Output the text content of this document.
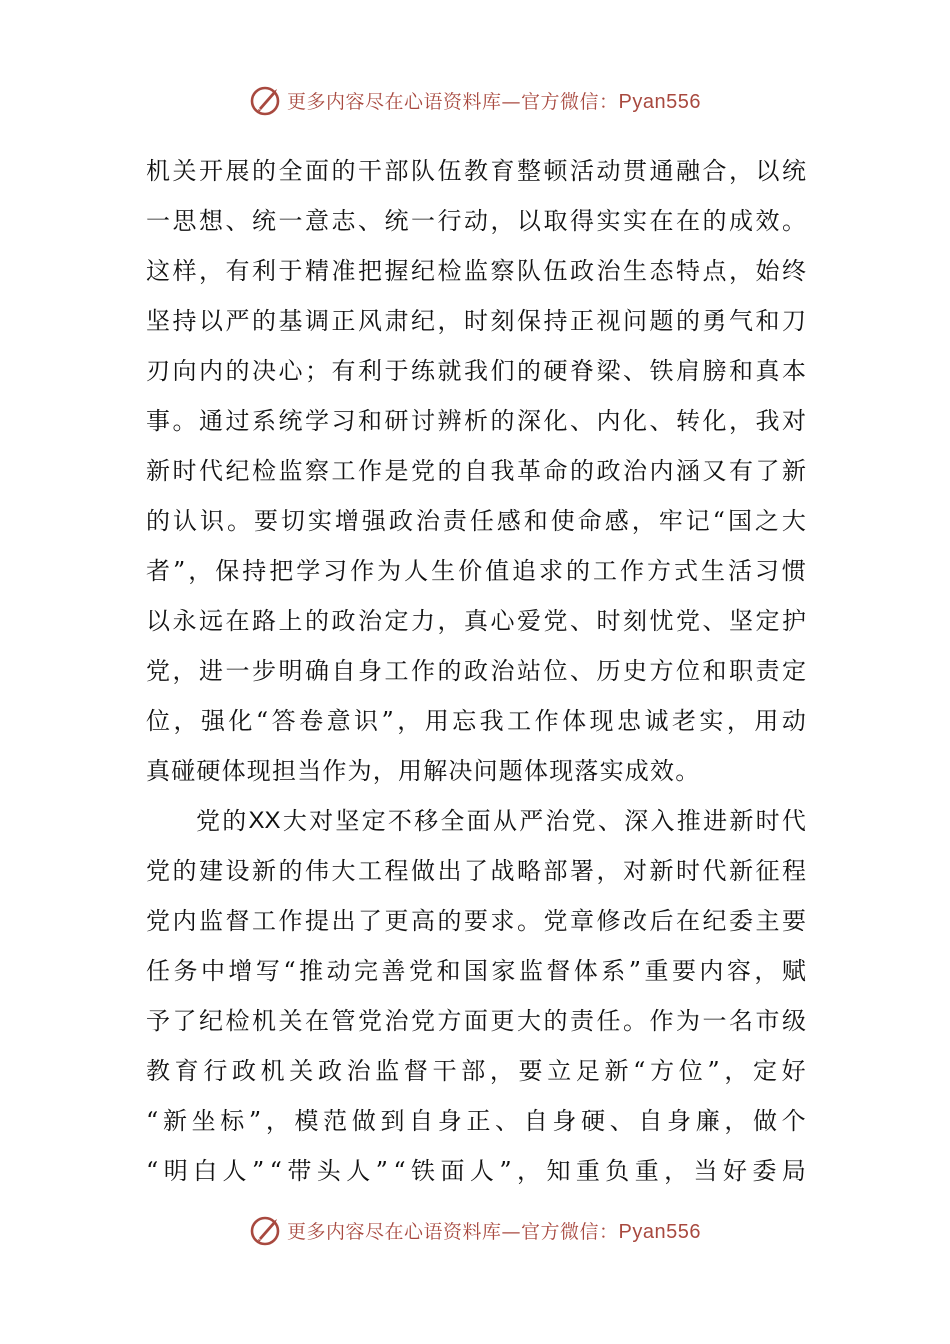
更多内容尽在心语资料库—官方微信：Pyan556
机 关 开 展 的 全 面 的 干 部 队 伍 教 育 整 顿 活 动 贯 通 融 合 ， 以 统
一 思 想 、 统 一 意 志 、 统 一 行 动 ， 以 取 得 实 实 在 在 的 成 效 。
这 样 ， 有 利 于 精 准 把 握 纪 检 监 察 队 伍 政 治 生 态 特 点 ， 始 终
坚 持 以 严 的 基 调 正 风 肃 纪 ， 时 刻 保 持 正 视 问 题 的 勇 气 和 刀
刃 向 内 的 决 心 ； 有 利 于 练 就 我 们 的 硬 脊 梁 、 铁 肩 膀 和 真 本
事 。 通 过 系 统 学 习 和 研 讨 辨 析 的 深 化 、 内 化 、 转 化 ， 我 对
新 时 代 纪 检 监 察 工 作 是 党 的 自 我 革 命 的 政 治 内 涵 又 有 了 新
的 认 识 。 要 切 实 增 强 政 治 责 任 感 和 使 命 感 ， 牢 记 “ 国 之 大
者 ” ， 保 持 把 学 习 作 为 人 生 价 值 追 求 的 工 作 方 式 生 活 习 惯
以 永 远 在 路 上 的 政 治 定 力 ， 真 心 爱 党 、 时 刻 忧 党 、 坚 定 护
党 ， 进 一 步 明 确 自 身 工 作 的 政 治 站 位 、 历 史 方 位 和 职 责 定
位 ， 强 化 “ 答 卷 意 识 ” ， 用 忘 我 工 作 体 现 忠 诚 老 实 ， 用 动
真碰硬体现担当作为，用解决问题体现落实成效。
党 的 XX 大 对 坚 定 不 移 全 面 从 严 治 党 、 深 入 推 进 新 时 代
党 的 建 设 新 的 伟 大 工 程 做 出 了 战 略 部 署 ， 对 新 时 代 新 征 程
党 内 监 督 工 作 提 出 了 更 高 的 要 求 。 党 章 修 改 后 在 纪 委 主 要
任 务 中 增 写 “ 推 动 完 善 党 和 国 家 监 督 体 系 ” 重 要 内 容 ， 赋
予 了 纪 检 机 关 在 管 党 治 党 方 面 更 大 的 责 任 。 作 为 一 名 市 级
教 育 行 政 机 关 政 治 监 督 干 部 ， 要 立 足 新 “ 方 位 ” ， 定 好
“ 新 坐 标 ” ， 模 范 做 到 自 身 正 、 自 身 硬 、 自 身 廉 ， 做 个
“ 明 白 人 ” “ 带 头 人 ” “ 铁 面 人 ” ， 知 重 负 重 ， 当 好 委 局
更多内容尽在心语资料库—官方微信：Pyan556
